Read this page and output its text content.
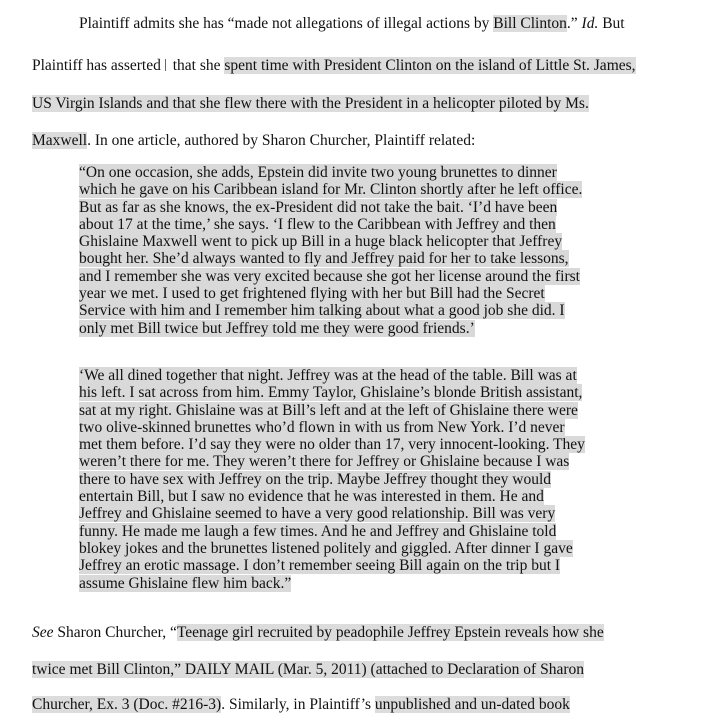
Plaintiff admits she has “made not allegations of illegal actions by Bill Clinton.” Id. But
Plaintiff has asserted that she spent time with President Clinton on the island of Little St. James,
US Virgin Islands and that she flew there with the President in a helicopter piloted by Ms.
Maxwell. In one article, authored by Sharon Churcher, Plaintiff related:
“On one occasion, she adds, Epstein did invite two young brunettes to dinner
which he gave on his Caribbean island for Mr. Clinton shortly after he left office.
But as far as she knows, the ex-President did not take the bait. ‘I’d have been
about 17 at the time,’ she says. ‘I flew to the Caribbean with Jeffrey and then
Ghislaine Maxwell went to pick up Bill in a huge black helicopter that Jeffrey
bought her. She’d always wanted to fly and Jeffrey paid for her to take lessons,
and I remember she was very excited because she got her license around the first
year we met. I used to get frightened flying with her but Bill had the Secret
Service with him and I remember him talking about what a good job she did. I
only met Bill twice but Jeffrey told me they were good friends.’
‘We all dined together that night. Jeffrey was at the head of the table. Bill was at
his left. I sat across from him. Emmy Taylor, Ghislaine’s blonde British assistant,
sat at my right. Ghislaine was at Bill’s left and at the left of Ghislaine there were
two olive-skinned brunettes who’d flown in with us from New York. I’d never
met them before. I’d say they were no older than 17, very innocent-looking. They
weren’t there for me. They weren’t there for Jeffrey or Ghislaine because I was
there to have sex with Jeffrey on the trip. Maybe Jeffrey thought they would
entertain Bill, but I saw no evidence that he was interested in them. He and
Jeffrey and Ghislaine seemed to have a very good relationship. Bill was very
funny. He made me laugh a few times. And he and Jeffrey and Ghislaine told
blokey jokes and the brunettes listened politely and giggled. After dinner I gave
Jeffrey an erotic massage. I don’t remember seeing Bill again on the trip but I
assume Ghislaine flew him back.”
See Sharon Churcher, “Teenage girl recruited by peadophile Jeffrey Epstein reveals how she
twice met Bill Clinton,” DAILY MAIL (Mar. 5, 2011) (attached to Declaration of Sharon
Churcher, Ex. 3 (Doc. #216-3). Similarly, in Plaintiff’s unpublished and un-dated book
